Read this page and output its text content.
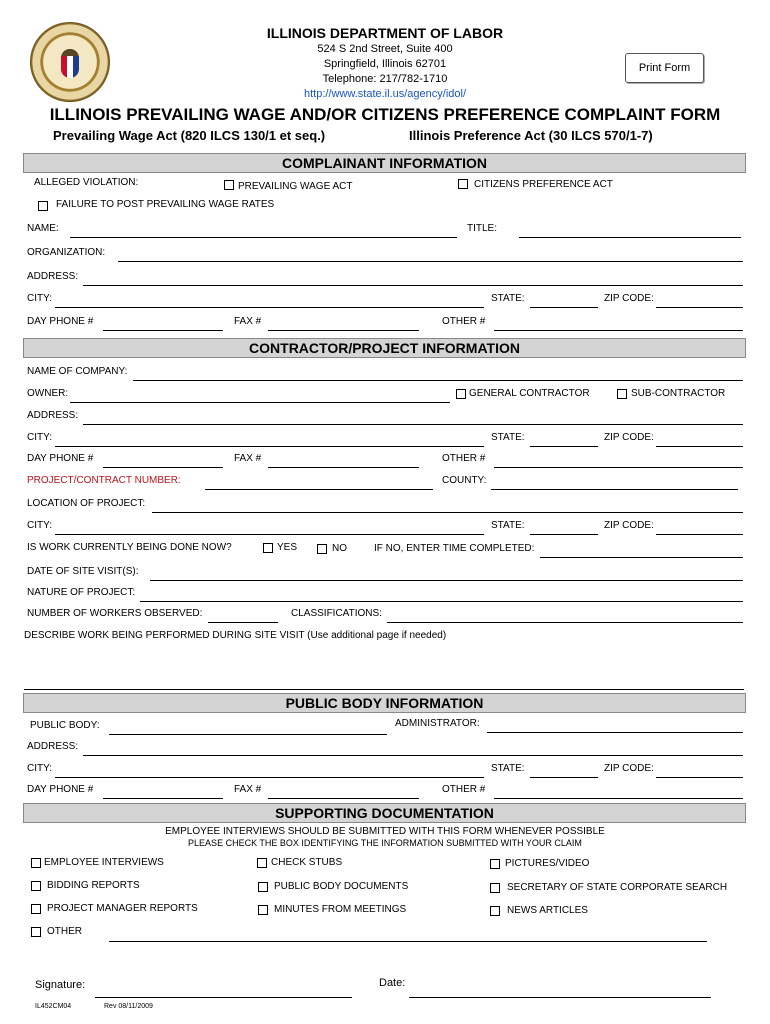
ILLINOIS DEPARTMENT OF LABOR
524 S 2nd Street, Suite 400
Springfield, Illinois 62701
Telephone: 217/782-1710
http://www.state.il.us/agency/idol/
Print Form
ILLINOIS PREVAILING WAGE AND/OR CITIZENS PREFERENCE COMPLAINT FORM
Prevailing Wage Act (820 ILCS 130/1 et seq.)	Illinois Preference Act (30 ILCS 570/1-7)
COMPLAINANT INFORMATION
ALLEGED VIOLATION:	PREVAILING WAGE ACT	CITIZENS PREFERENCE ACT
FAILURE TO POST PREVAILING WAGE RATES
NAME:	TITLE:
ORGANIZATION:
ADDRESS:
CITY:	STATE:	ZIP CODE:
DAY PHONE #	FAX #	OTHER #
CONTRACTOR/PROJECT INFORMATION
NAME OF COMPANY:
OWNER:	GENERAL CONTRACTOR	SUB-CONTRACTOR
ADDRESS:
CITY:	STATE:	ZIP CODE:
DAY PHONE #	FAX #	OTHER #
PROJECT/CONTRACT NUMBER:	COUNTY:
LOCATION OF PROJECT:
CITY:	STATE:	ZIP CODE:
IS WORK CURRENTLY BEING DONE NOW?	YES	NO	IF NO, ENTER TIME COMPLETED:
DATE OF SITE VISIT(S):
NATURE OF PROJECT:
NUMBER OF WORKERS OBSERVED:	CLASSIFICATIONS:
DESCRIBE WORK BEING PERFORMED DURING SITE VISIT (Use additional page if needed)
PUBLIC BODY INFORMATION
PUBLIC BODY:	ADMINISTRATOR:
ADDRESS:
CITY:	STATE:	ZIP CODE:
DAY PHONE #	FAX #	OTHER #
SUPPORTING DOCUMENTATION
EMPLOYEE INTERVIEWS SHOULD BE SUBMITTED WITH THIS FORM WHENEVER POSSIBLE
PLEASE CHECK THE BOX IDENTIFYING THE INFORMATION SUBMITTED WITH YOUR CLAIM
EMPLOYEE INTERVIEWS	CHECK STUBS	PICTURES/VIDEO
BIDDING REPORTS	PUBLIC BODY DOCUMENTS	SECRETARY OF STATE CORPORATE SEARCH
PROJECT MANAGER REPORTS	MINUTES FROM MEETINGS	NEWS ARTICLES
OTHER
Signature:	Date:
IL452CM04	Rev 08/11/2009
